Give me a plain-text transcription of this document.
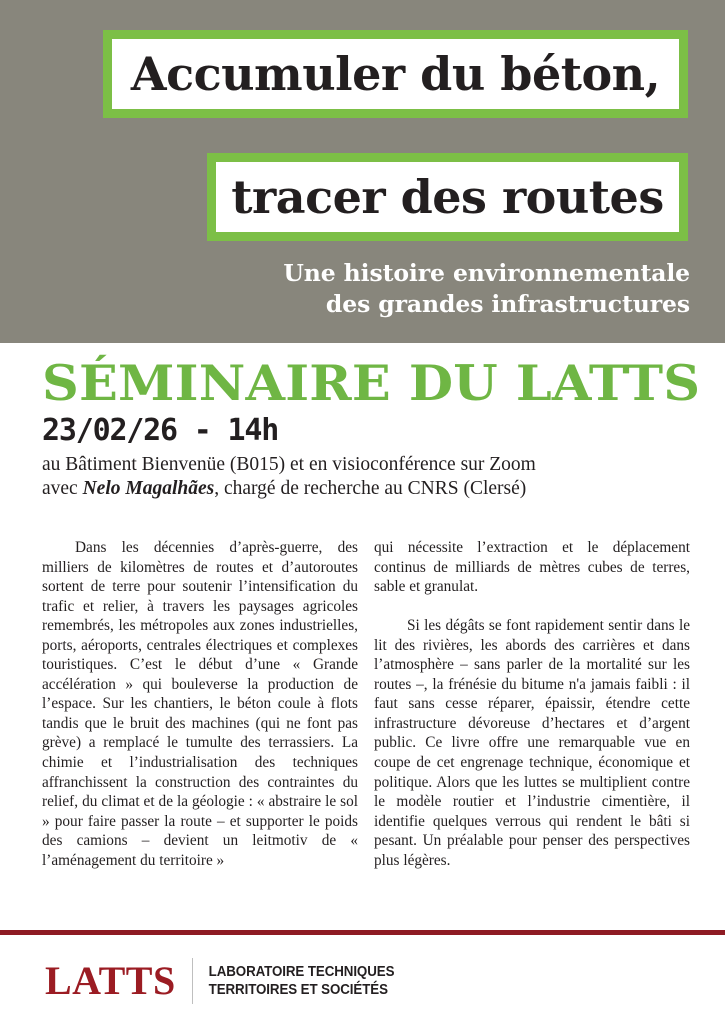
Accumuler du béton,
tracer des routes
Une histoire environnementale
des grandes infrastructures
SÉMINAIRE DU LATTS
23/02/26 - 14h
au Bâtiment Bienvenüe (B015) et en visioconférence sur Zoom
avec Nelo Magalhães, chargé de recherche au CNRS (Clersé)

Dans les décennies d’après-guerre, des milliers de kilomètres de routes et d’autoroutes sortent de terre pour soutenir l’intensification du trafic et relier, à travers les paysages agricoles remembrés, les métropoles aux zones industrielles, ports, aéroports, centrales électriques et complexes touristiques. C’est le début d’une « Grande accélération » qui bouleverse la production de l’espace. Sur les chantiers, le béton coule à flots tandis que le bruit des machines (qui ne font pas grève) a remplacé le tumulte des terrassiers. La chimie et l’industrialisation des techniques affranchissent la construction des contraintes du relief, du climat et de la géologie : « abstraire le sol » pour faire passer la route – et supporter le poids des camions – devient un leitmotiv de « l’aménagement du territoire »

qui nécessite l’extraction et le déplacement continus de milliards de mètres cubes de terres, sable et granulat.

Si les dégâts se font rapidement sentir dans le lit des rivières, les abords des carrières et dans l’atmosphère – sans parler de la mortalité sur les routes –, la frénésie du bitume n'a jamais faibli : il faut sans cesse réparer, épaissir, étendre cette infrastructure dévoreuse d’hectares et d’argent public. Ce livre offre une remarquable vue en coupe de cet engrenage technique, économique et politique. Alors que les luttes se multiplient contre le modèle routier et l’industrie cimentière, il identifie quelques verrous qui rendent le bâti si pesant. Un préalable pour penser des perspectives plus légères.

LATTS	LABORATOIRE TECHNIQUES
TERRITOIRES ET SOCIÉTÉS
